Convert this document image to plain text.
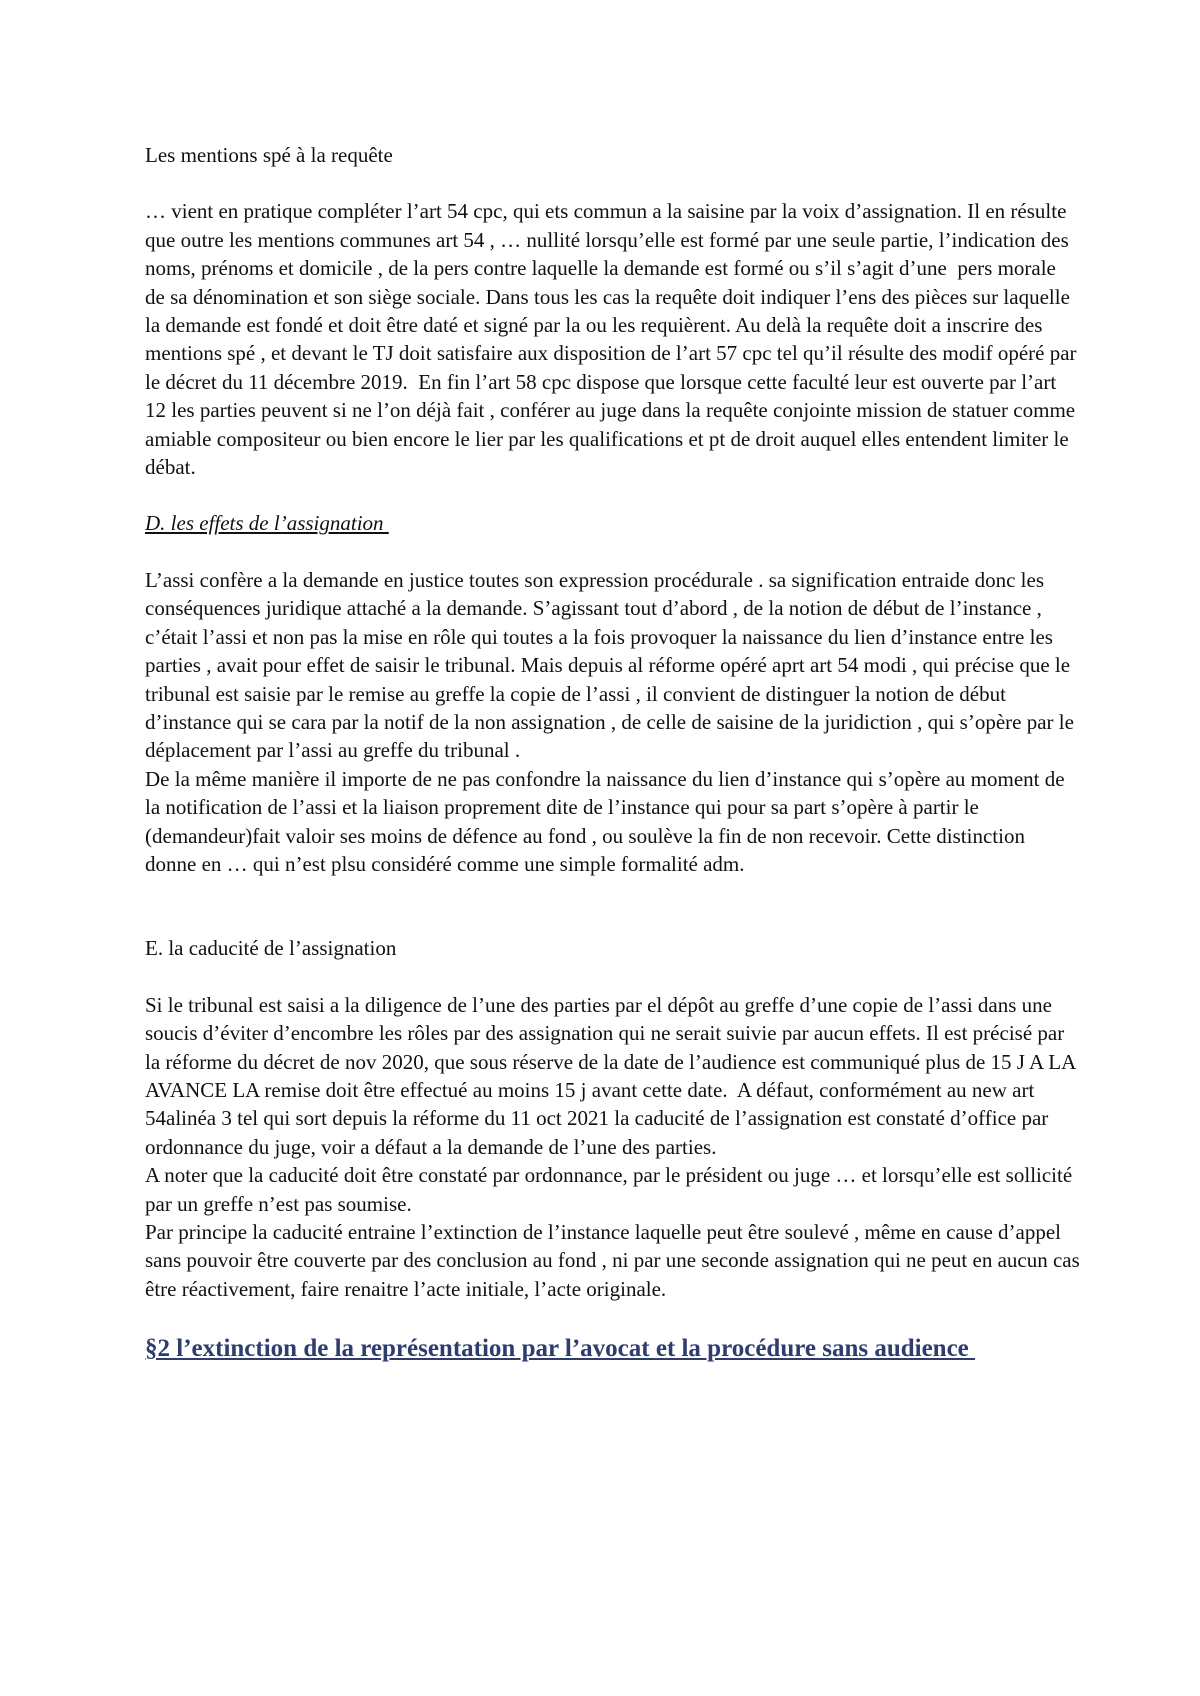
Les mentions spé à la requête

… vient en pratique compléter l’art 54 cpc, qui ets commun a la saisine par la voix d’assignation. Il en résulte que outre les mentions communes art 54 , … nullité lorsqu’elle est formé par une seule partie, l’indication des noms, prénoms et domicile , de la pers contre laquelle la demande est formé ou s’il s’agit d’une  pers morale de sa dénomination et son siège sociale. Dans tous les cas la requête doit indiquer l’ens des pièces sur laquelle la demande est fondé et doit être daté et signé par la ou les requièrent. Au delà la requête doit a inscrire des mentions spé , et devant le TJ doit satisfaire aux disposition de l’art 57 cpc tel qu’il résulte des modif opéré par le décret du 11 décembre 2019.  En fin l’art 58 cpc dispose que lorsque cette faculté leur est ouverte par l’art 12 les parties peuvent si ne l’on déjà fait , conférer au juge dans la requête conjointe mission de statuer comme amiable compositeur ou bien encore le lier par les qualifications et pt de droit auquel elles entendent limiter le débat.

D. les effets de l’assignation

L’assi confère a la demande en justice toutes son expression procédurale . sa signification entraide donc les conséquences juridique attaché a la demande. S’agissant tout d’abord , de la notion de début de l’instance , c’était l’assi et non pas la mise en rôle qui toutes a la fois provoquer la naissance du lien d’instance entre les parties , avait pour effet de saisir le tribunal. Mais depuis al réforme opéré aprt art 54 modi , qui précise que le tribunal est saisie par le remise au greffe la copie de l’assi , il convient de distinguer la notion de début d’instance qui se cara par la notif de la non assignation , de celle de saisine de la juridiction , qui s’opère par le déplacement par l’assi au greffe du tribunal .

De la même manière il importe de ne pas confondre la naissance du lien d’instance qui s’opère au moment de la notification de l’assi et la liaison proprement dite de l’instance qui pour sa part s’opère à partir le (demandeur)fait valoir ses moins de défence au fond , ou soulève la fin de non recevoir. Cette distinction donne en … qui n’est plsu considéré comme une simple formalité adm.

E. la caducité de l’assignation

Si le tribunal est saisi a la diligence de l’une des parties par el dépôt au greffe d’une copie de l’assi dans une soucis d’éviter d’encombre les rôles par des assignation qui ne serait suivie par aucun effets. Il est précisé par la réforme du décret de nov 2020, que sous réserve de la date de l’audience est communiqué plus de 15 J A LA AVANCE LA remise doit être effectué au moins 15 j avant cette date.  A défaut, conformément au new art 54alinéa 3 tel qui sort depuis la réforme du 11 oct 2021 la caducité de l’assignation est constaté d’office par ordonnance du juge, voir a défaut a la demande de l’une des parties.

A noter que la caducité doit être constaté par ordonnance, par le président ou juge … et lorsqu’elle est sollicité par un greffe n’est pas soumise.

Par principe la caducité entraine l’extinction de l’instance laquelle peut être soulevé , même en cause d’appel sans pouvoir être couverte par des conclusion au fond , ni par une seconde assignation qui ne peut en aucun cas être réactivement, faire renaitre l’acte initiale, l’acte originale.

§2 l’extinction de la représentation par l’avocat et la procédure sans audience
